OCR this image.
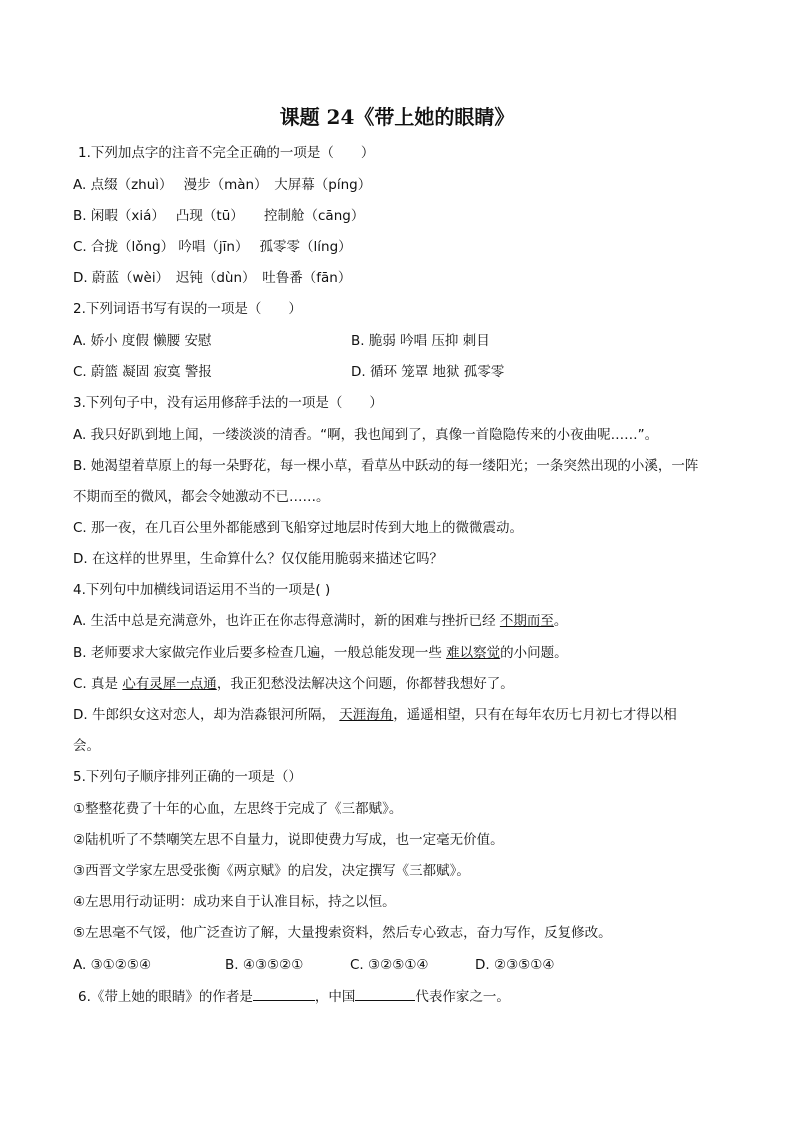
课题 24《带上她的眼睛》
1.下列加点字的注音不完全正确的一项是（　　）
A. 点缀（zhuì）　 漫步（màn）　大屏幕（píng）
B. 闲暇（xiá）　 凸现（tū）　　控制舱（cāng）
C. 合拢（lǒng） 吟唱（jīn）　 孤零零（líng）
D. 蔚蓝（wèi）　迟钝（dùn）　吐鲁番（fān）
2.下列词语书写有误的一项是（　　）
A. 娇小 度假 懒腰 安慰	B. 脆弱 吟唱 压抑 刺目
C. 蔚篮 凝固 寂寞 警报	D. 循环 笼罩 地狱 孤零零
3.下列句子中，没有运用修辞手法的一项是（　　）
A. 我只好趴到地上闻，一缕淡淡的清香。“啊，我也闻到了，真像一首隐隐传来的小夜曲呢……”。
B. 她渴望着草原上的每一朵野花，每一棵小草，看草丛中跃动的每一缕阳光；一条突然出现的小溪，一阵
不期而至的微风，都会令她激动不已……。
C. 那一夜，在几百公里外都能感到飞船穿过地层时传到大地上的微微震动。
D. 在这样的世界里，生命算什么？仅仅能用脆弱来描述它吗？
4.下列句中加横线词语运用不当的一项是( )
A. 生活中总是充满意外，也许正在你志得意满时，新的困难与挫折已经 不期而至。
B. 老师要求大家做完作业后要多检查几遍，一般总能发现一些 难以察觉的小问题。
C. 真是 心有灵犀一点通，我正犯愁没法解决这个问题，你都替我想好了。
D. 牛郎织女这对恋人，却为浩淼银河所隔， 天涯海角，遥遥相望，只有在每年农历七月初七才得以相
会。
5.下列句子顺序排列正确的一项是（）
①整整花费了十年的心血，左思终于完成了《三都赋》。
②陆机听了不禁嘲笑左思不自量力，说即使费力写成，也一定毫无价值。
③西晋文学家左思受张衡《两京赋》的启发，决定撰写《三都赋》。
④左思用行动证明：成功来自于认准目标，持之以恒。
⑤左思毫不气馁，他广泛查访了解，大量搜索资料，然后专心致志，奋力写作，反复修改。
A. ③①②⑤④	B. ④③⑤②①	C. ③②⑤①④	D. ②③⑤①④
6.《带上她的眼睛》的作者是	，中国	代表作家之一。
